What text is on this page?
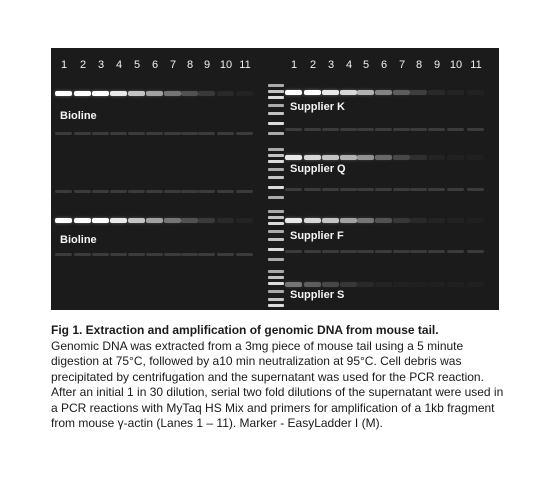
1 2 3 4 5 6 7 8 9 10 11	1 2 3 4 5 6 7 8 9 10 11
Bioline
Supplier K
Supplier Q
Bioline	Supplier F
Supplier S
Fig 1. Extraction and amplification of genomic DNA from mouse tail.
Genomic DNA was extracted from a 3mg piece of mouse tail using a 5 minute digestion at 75°C, followed by a10 min neutralization at 95°C. Cell debris was precipitated by centrifugation and the supernatant was used for the PCR reaction. After an initial 1 in 30 dilution, serial two fold dilutions of the supernatant were used in a PCR reactions with MyTaq HS Mix and primers for amplification of a 1kb fragment from mouse γ-actin (Lanes 1 – 11). Marker - EasyLadder I (M).
